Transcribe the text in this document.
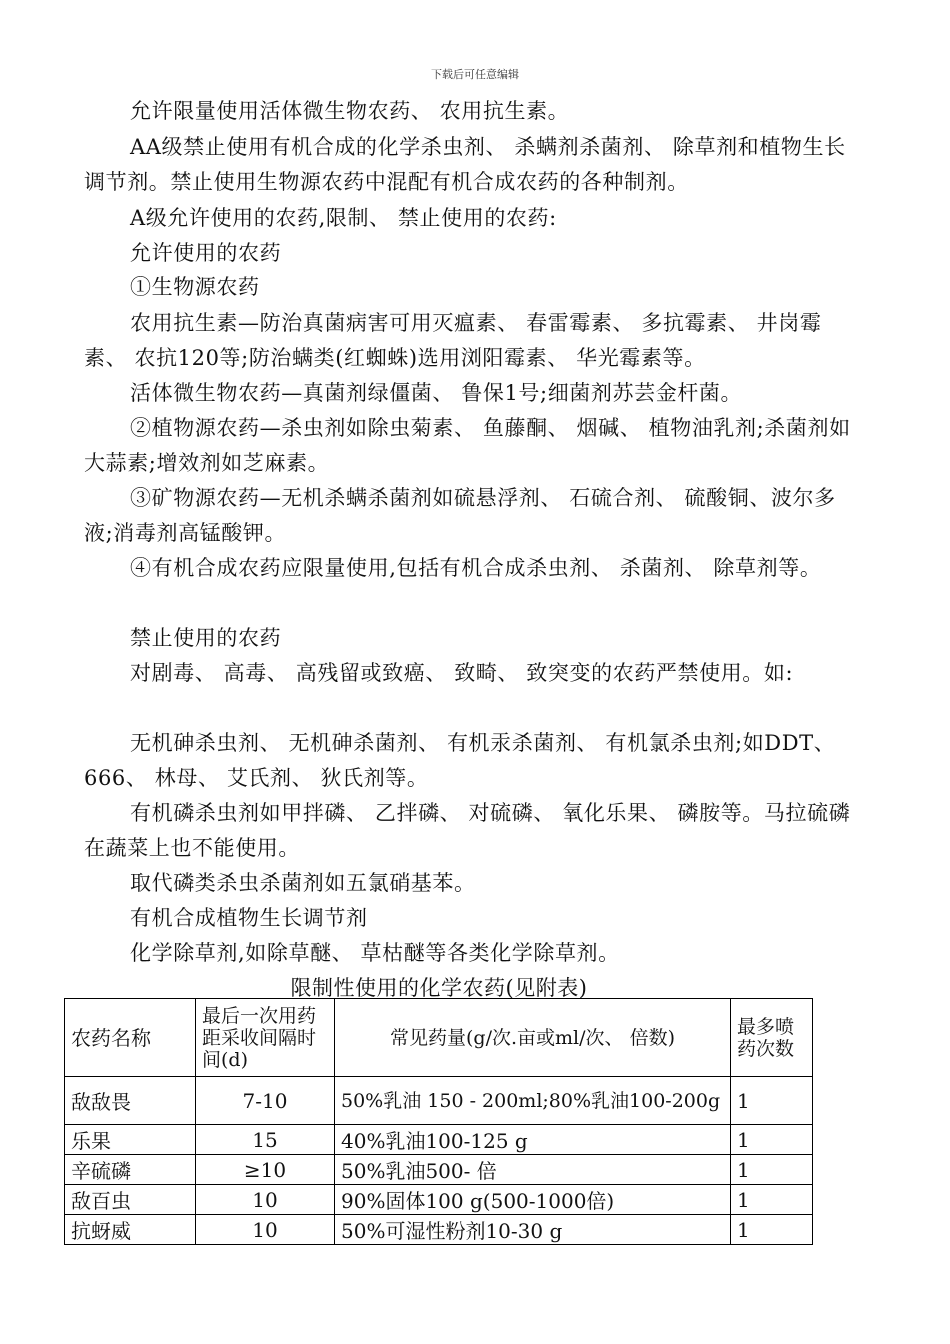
下载后可任意编辑
允许限量使用活体微生物农药、 农用抗生素。
AA级禁止使用有机合成的化学杀虫剂、 杀螨剂杀菌剂、 除草剂和植物生长调节剂。禁止使用生物源农药中混配有机合成农药的各种制剂。
A级允许使用的农药,限制、 禁止使用的农药:
允许使用的农药
①生物源农药
农用抗生素—防治真菌病害可用灭瘟素、 春雷霉素、 多抗霉素、 井岗霉素、 农抗120等;防治螨类(红蜘蛛)选用浏阳霉素、 华光霉素等。
活体微生物农药—真菌剂绿僵菌、 鲁保1号;细菌剂苏芸金杆菌。
②植物源农药—杀虫剂如除虫菊素、 鱼藤酮、 烟碱、 植物油乳剂;杀菌剂如大蒜素;增效剂如芝麻素。
③矿物源农药—无机杀螨杀菌剂如硫悬浮剂、 石硫合剂、 硫酸铜、波尔多液;消毒剂高锰酸钾。
④有机合成农药应限量使用,包括有机合成杀虫剂、 杀菌剂、 除草剂等。
禁止使用的农药
对剧毒、 高毒、 高残留或致癌、 致畸、 致突变的农药严禁使用。如:
无机砷杀虫剂、 无机砷杀菌剂、 有机汞杀菌剂、 有机氯杀虫剂;如DDT、 666、 林母、 艾氏剂、 狄氏剂等。
有机磷杀虫剂如甲拌磷、 乙拌磷、 对硫磷、 氧化乐果、 磷胺等。马拉硫磷在蔬菜上也不能使用。
取代磷类杀虫杀菌剂如五氯硝基苯。
有机合成植物生长调节剂
化学除草剂,如除草醚、 草枯醚等各类化学除草剂。
限制性使用的化学农药(见附表)
农药名称	最后一次用药距采收间隔时间(d)	常见药量(g/次.亩或ml/次、 倍数)	最多喷药次数
敌敌畏	7-10	50%乳油 150 - 200ml;80%乳油100-200g	1
乐果	15	40%乳油100-125 g	1
辛硫磷	≥10	50%乳油500- 倍	1
敌百虫	10	90%固体100 g(500-1000倍)	1
抗蚜威	10	50%可湿性粉剂10-30 g	1
